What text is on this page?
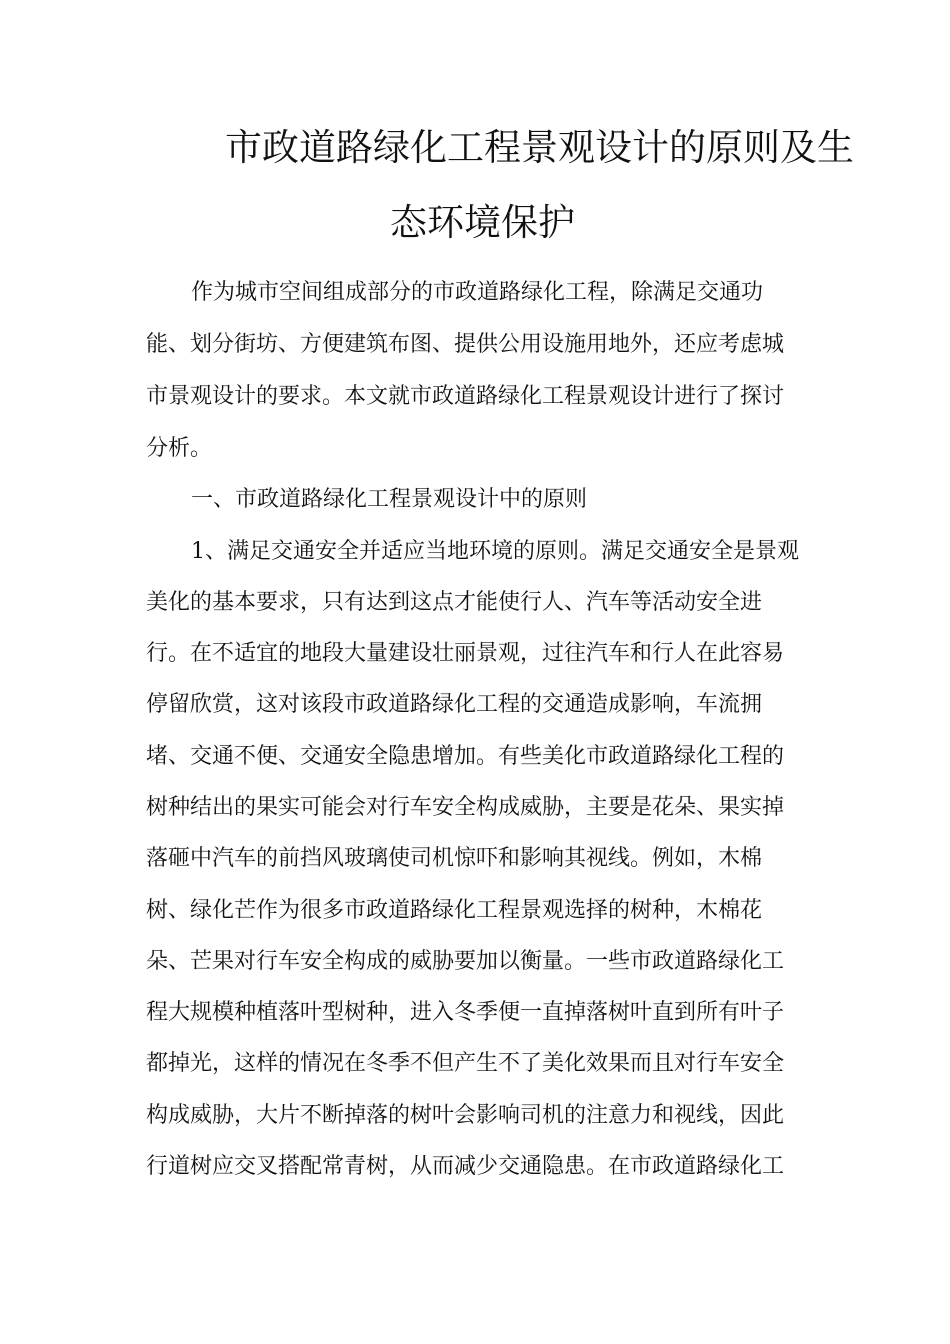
市政道路绿化工程景观设计的原则及生
态环境保护

作为城市空间组成部分的市政道路绿化工程，除满足交通功

能、划分街坊、方便建筑布图、提供公用设施用地外，还应考虑城

市景观设计的要求。本文就市政道路绿化工程景观设计进行了探讨

分析。

一、市政道路绿化工程景观设计中的原则

1、满足交通安全并适应当地环境的原则。满足交通安全是景观

美化的基本要求，只有达到这点才能使行人、汽车等活动安全进

行。在不适宜的地段大量建设壮丽景观，过往汽车和行人在此容易

停留欣赏，这对该段市政道路绿化工程的交通造成影响，车流拥

堵、交通不便、交通安全隐患增加。有些美化市政道路绿化工程的

树种结出的果实可能会对行车安全构成威胁，主要是花朵、果实掉

落砸中汽车的前挡风玻璃使司机惊吓和影响其视线。例如，木棉

树、绿化芒作为很多市政道路绿化工程景观选择的树种，木棉花

朵、芒果对行车安全构成的威胁要加以衡量。一些市政道路绿化工

程大规模种植落叶型树种，进入冬季便一直掉落树叶直到所有叶子

都掉光，这样的情况在冬季不但产生不了美化效果而且对行车安全

构成威胁，大片不断掉落的树叶会影响司机的注意力和视线，因此

行道树应交叉搭配常青树，从而减少交通隐患。在市政道路绿化工
